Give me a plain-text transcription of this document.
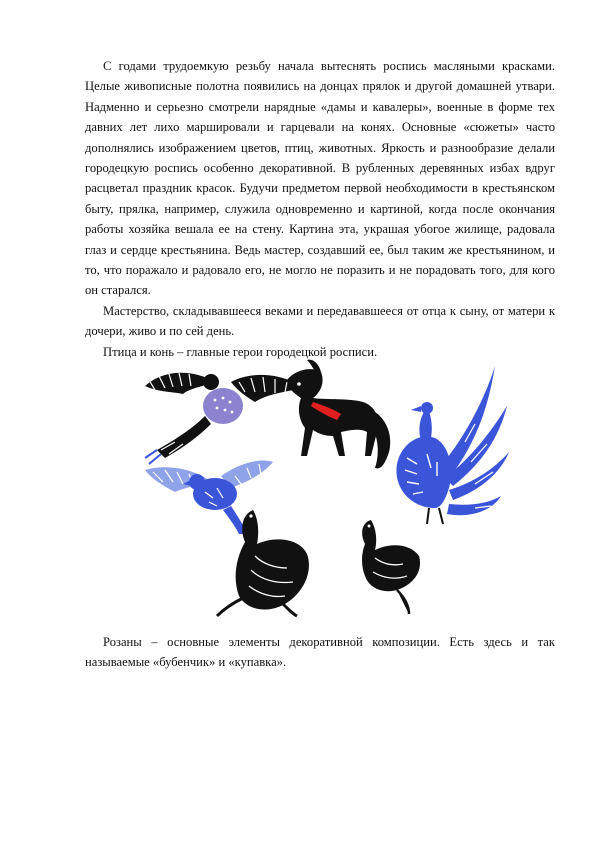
С годами трудоемкую резьбу начала вытеснять роспись масляными красками. Целые живописные полотна появились на донцах прялок и другой домашней утвари. Надменно и серьезно смотрели нарядные «дамы и кавалеры», военные в форме тех давних лет лихо маршировали и гарцевали на конях. Основные «сюжеты» часто дополнялись изображением цветов, птиц, животных. Яркость и разнообразие делали городецкую роспись особенно декоративной. В рубленных деревянных избах вдруг расцветал праздник красок. Будучи предметом первой необходимости в крестьянском быту, прялка, например, служила одновременно и картиной, когда после окончания работы хозяйка вешала ее на стену. Картина эта, украшая убогое жилище, радовала глаз и сердце крестьянина. Ведь мастер, создавший ее, был таким же крестьянином, и то, что поражало и радовало его, не могло не поразить и не порадовать того, для кого он старался.

Мастерство, складывавшееся веками и передававшееся от отца к сыну, от матери к дочери, живо и по сей день.

Птица и конь – главные герои городецкой росписи.

Розаны – основные элементы декоративной композиции. Есть здесь и так называемые «бубенчик» и «купавка».
